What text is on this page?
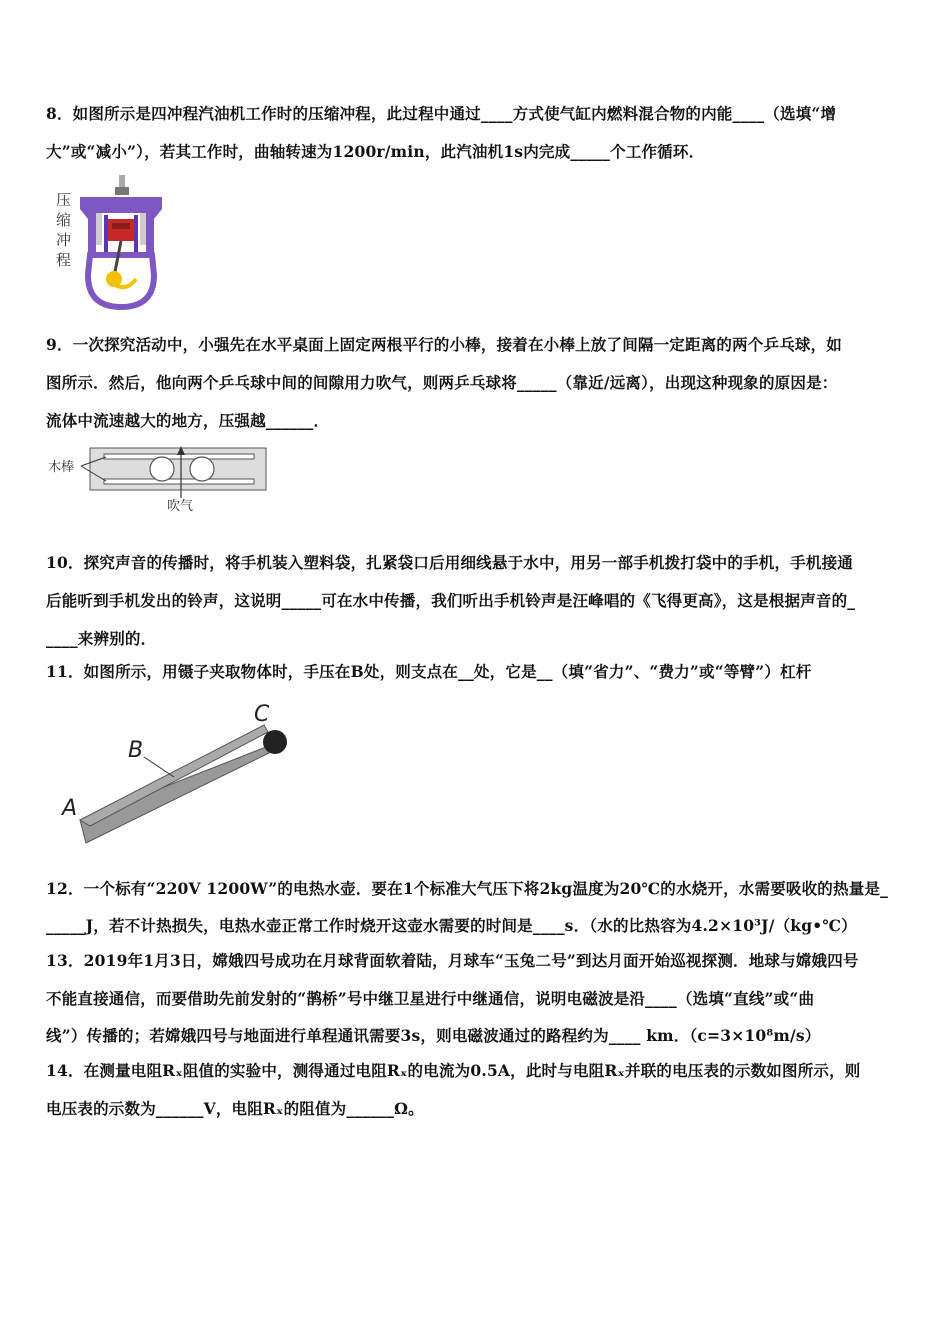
8．如图所示是四冲程汽油机工作时的压缩冲程，此过程中通过____方式使气缸内燃料混合物的内能____（选填“增
大”或“减小”），若其工作时，曲轴转速为1200r/min，此汽油机1s内完成_____个工作循环．
压
缩
冲
程
9．一次探究活动中，小强先在水平桌面上固定两根平行的小棒，接着在小棒上放了间隔一定距离的两个乒乓球，如
图所示．然后，他向两个乒乓球中间的间隙用力吹气，则两乒乓球将_____（靠近/远离），出现这种现象的原因是：
流体中流速越大的地方，压强越______．
木棒
吹气
10．探究声音的传播时，将手机装入塑料袋，扎紧袋口后用细线悬于水中，用另一部手机拨打袋中的手机，手机接通
后能听到手机发出的铃声，这说明_____可在水中传播，我们听出手机铃声是汪峰唱的《飞得更高》，这是根据声音的_
____来辨别的．
11．如图所示，用镊子夹取物体时，手压在B处，则支点在__处，它是__（填“省力”、“费力”或“等臂”）杠杆
A
B
C
12．一个标有“220V 1200W”的电热水壶．要在1个标准大气压下将2kg温度为20℃的水烧开，水需要吸收的热量是_
_____J，若不计热损失，电热水壶正常工作时烧开这壶水需要的时间是____s．（水的比热容为4.2×10³J/（kg•℃）
13．2019年1月3日，嫦娥四号成功在月球背面软着陆，月球车“玉兔二号”到达月面开始巡视探测．地球与嫦娥四号
不能直接通信，而要借助先前发射的“鹊桥”号中继卫星进行中继通信，说明电磁波是沿____（选填“直线”或“曲
线”）传播的；若嫦娥四号与地面进行单程通讯需要3s，则电磁波通过的路程约为____ km．（c=3×10⁸m/s）
14．在测量电阻Rₓ阻值的实验中，测得通过电阻Rₓ的电流为0.5A，此时与电阻Rₓ并联的电压表的示数如图所示，则
电压表的示数为______V，电阻Rₓ的阻值为______Ω。
